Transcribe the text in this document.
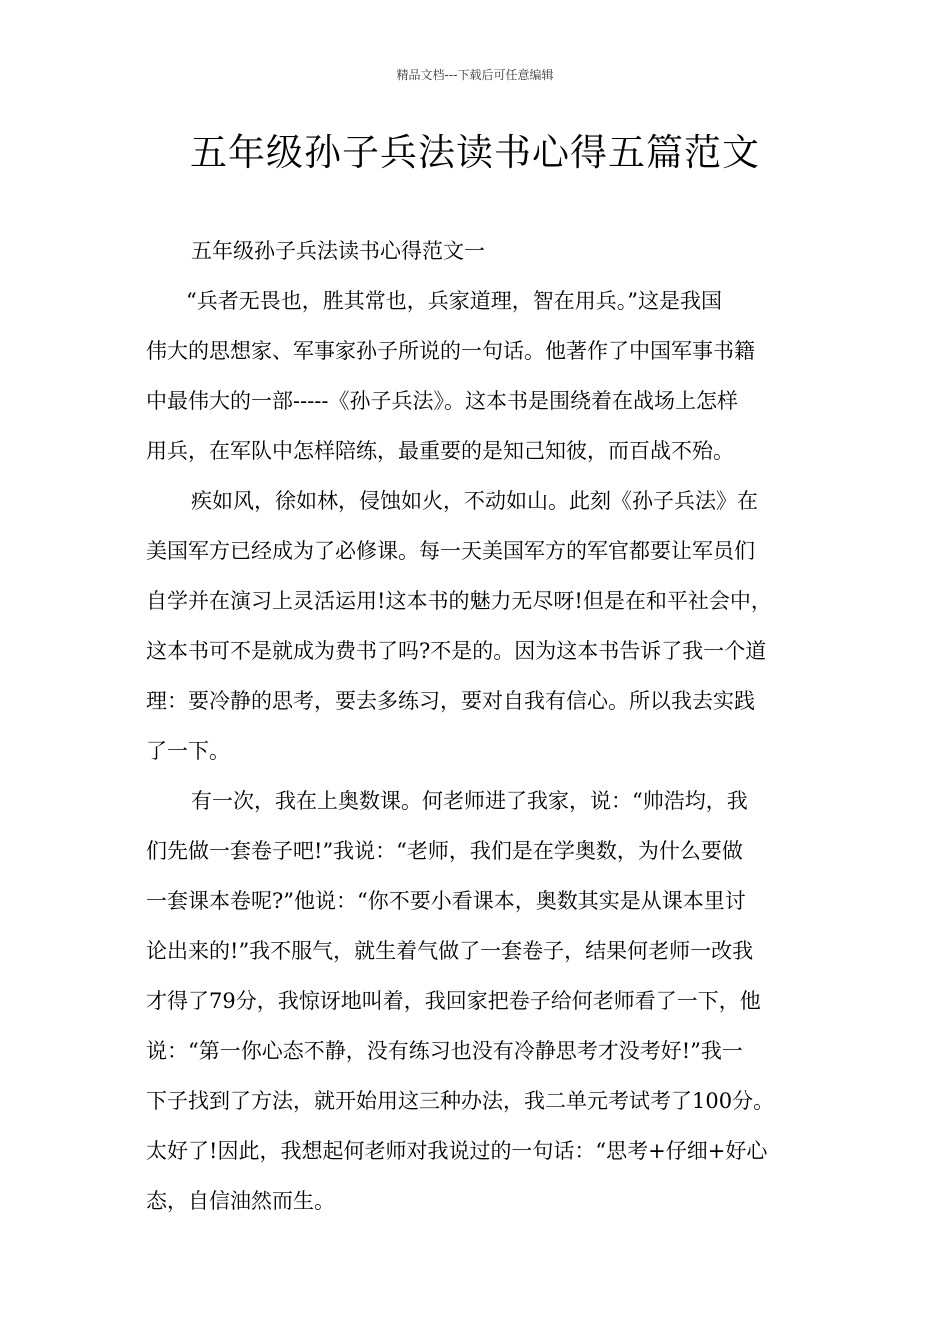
精品文档---下载后可任意编辑
五年级孙子兵法读书心得五篇范文
五年级孙子兵法读书心得范文一
“兵者无畏也，胜其常也，兵家道理，智在用兵。”这是我国
伟大的思想家、军事家孙子所说的一句话。他著作了中国军事书籍
中最伟大的一部-----《孙子兵法》。这本书是围绕着在战场上怎样
用兵，在军队中怎样陪练，最重要的是知己知彼，而百战不殆。
疾如风，徐如林，侵蚀如火，不动如山。此刻《孙子兵法》在
美国军方已经成为了必修课。每一天美国军方的军官都要让军员们
自学并在演习上灵活运用!这本书的魅力无尽呀!但是在和平社会中，
这本书可不是就成为费书了吗?不是的。因为这本书告诉了我一个道
理：要冷静的思考，要去多练习，要对自我有信心。所以我去实践
了一下。
有一次，我在上奥数课。何老师进了我家，说：“帅浩均，我
们先做一套卷子吧!”我说：“老师，我们是在学奥数，为什么要做
一套课本卷呢?”他说：“你不要小看课本，奥数其实是从课本里讨
论出来的!”我不服气，就生着气做了一套卷子，结果何老师一改我
才得了79分，我惊讶地叫着，我回家把卷子给何老师看了一下，他
说：“第一你心态不静，没有练习也没有冷静思考才没考好!”我一
下子找到了方法，就开始用这三种办法，我二单元考试考了100分。
太好了!因此，我想起何老师对我说过的一句话：“思考+仔细+好心
态，自信油然而生。
